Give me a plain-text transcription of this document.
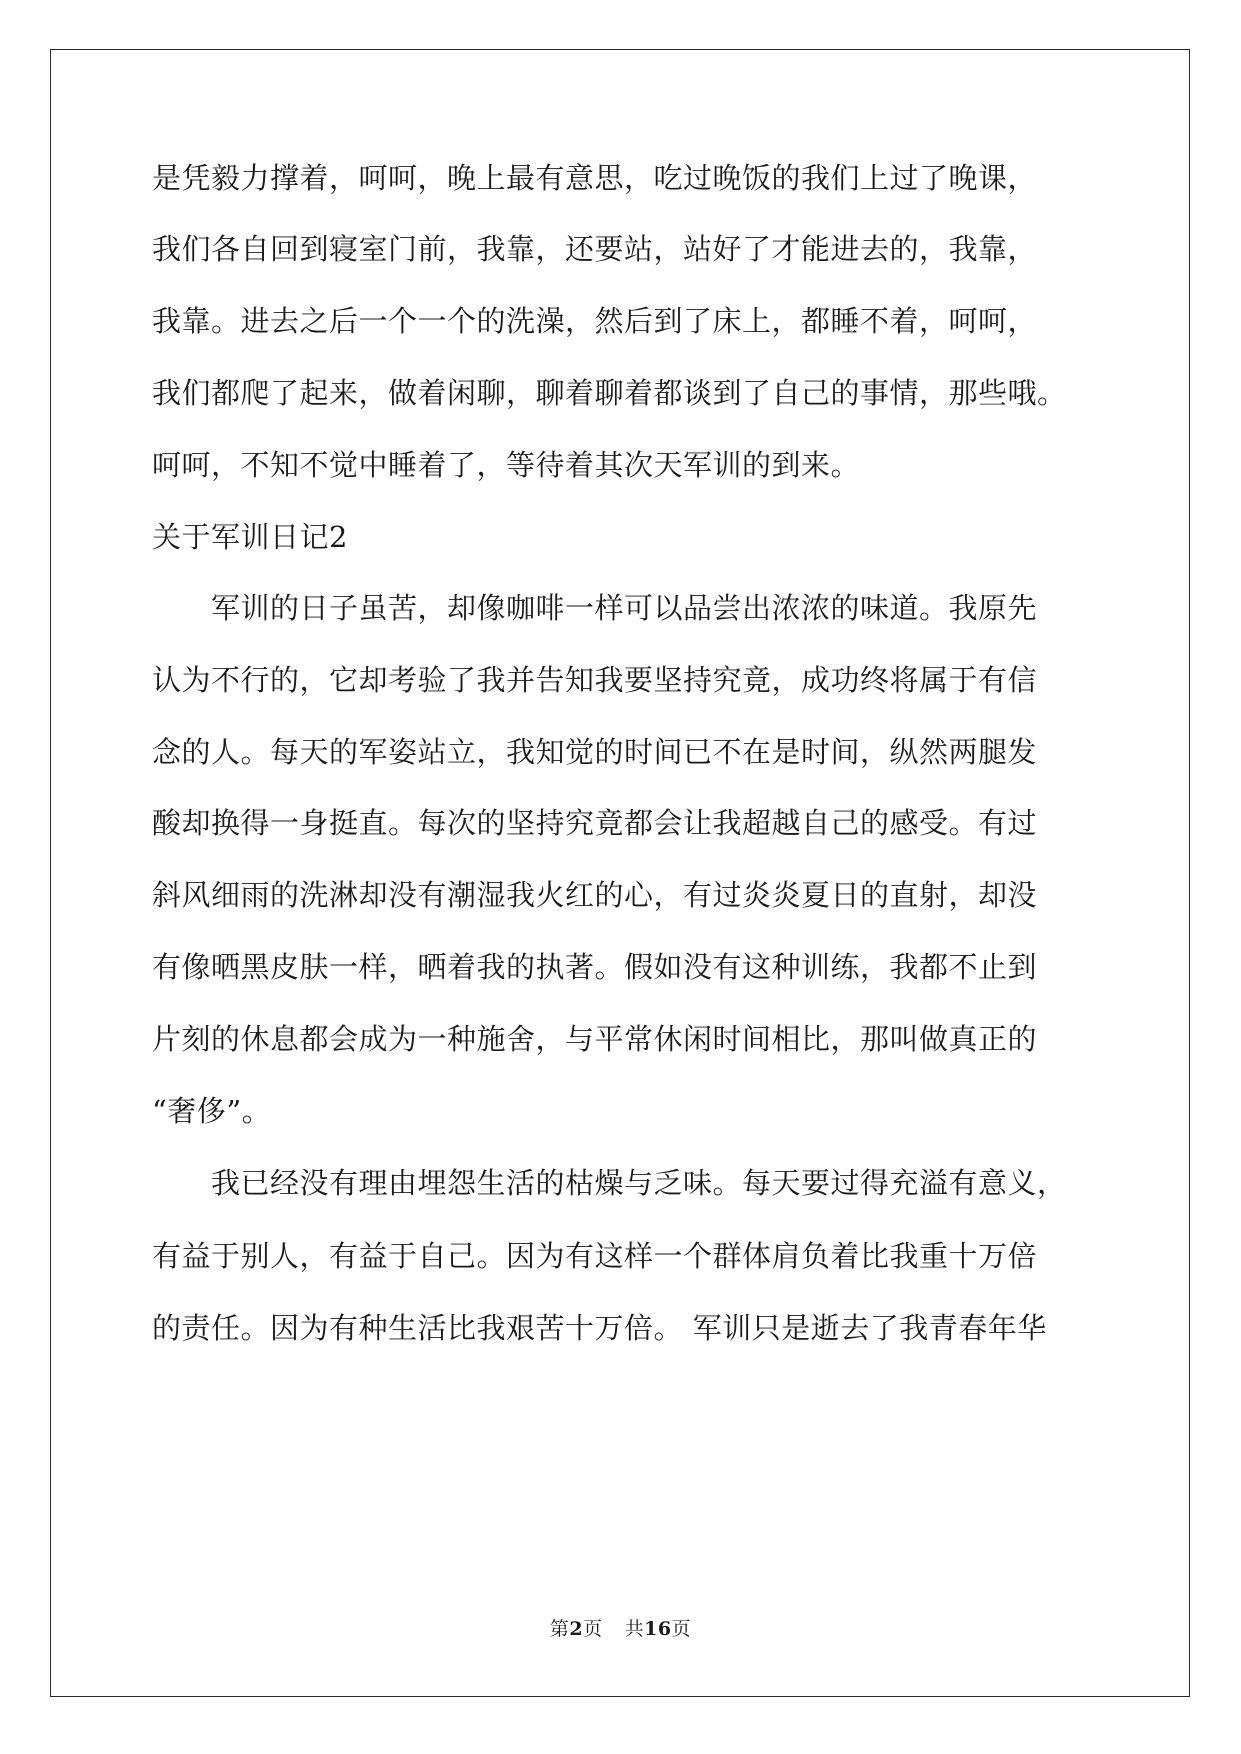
是凭毅力撑着，呵呵，晚上最有意思，吃过晚饭的我们上过了晚课，
我们各自回到寝室门前，我靠，还要站，站好了才能进去的，我靠，
我靠。进去之后一个一个的洗澡，然后到了床上，都睡不着，呵呵，
我们都爬了起来，做着闲聊，聊着聊着都谈到了自己的事情，那些哦。
呵呵，不知不觉中睡着了，等待着其次天军训的到来。
关于军训日记2
军训的日子虽苦，却像咖啡一样可以品尝出浓浓的味道。我原先
认为不行的，它却考验了我并告知我要坚持究竟，成功终将属于有信
念的人。每天的军姿站立，我知觉的时间已不在是时间，纵然两腿发
酸却换得一身挺直。每次的坚持究竟都会让我超越自己的感受。有过
斜风细雨的洗淋却没有潮湿我火红的心，有过炎炎夏日的直射，却没
有像晒黑皮肤一样，晒着我的执著。假如没有这种训练，我都不止到
片刻的休息都会成为一种施舍，与平常休闲时间相比，那叫做真正的
“奢侈”。
我已经没有理由埋怨生活的枯燥与乏味。每天要过得充溢有意义，
有益于别人，有益于自己。因为有这样一个群体肩负着比我重十万倍
的责任。因为有种生活比我艰苦十万倍。 军训只是逝去了我青春年华
第2页 共16页
